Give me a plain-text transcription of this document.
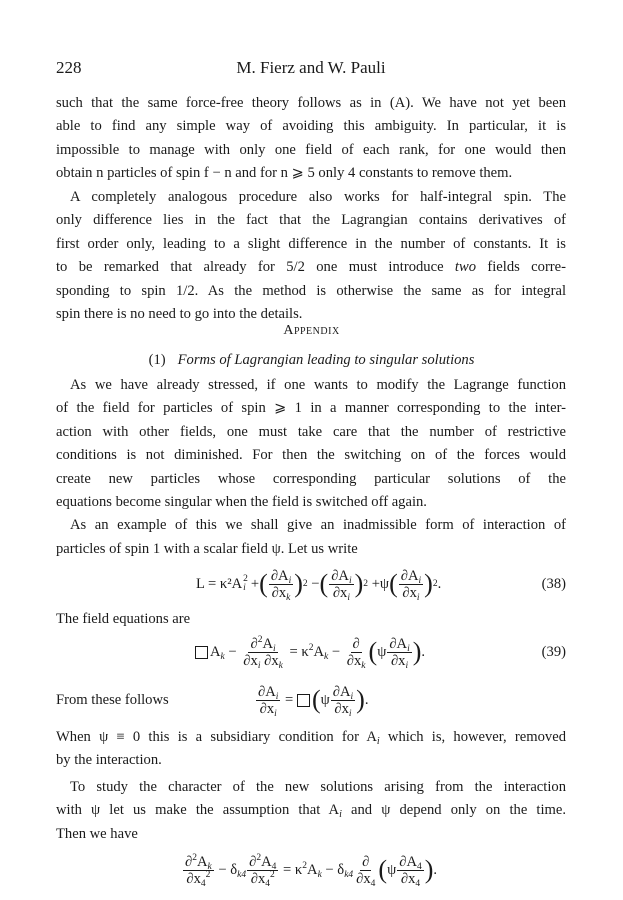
228	M. Fierz and W. Pauli
such that the same force-free theory follows as in (A). We have not yet been
able to find any simple way of avoiding this ambiguity. In particular, it is
impossible to manage with only one field of each rank, for one would then
obtain n particles of spin f − n and for n ⩾ 5 only 4 constants to remove them.
A completely analogous procedure also works for half-integral spin. The
only difference lies in the fact that the Lagrangian contains derivatives of
first order only, leading to a slight difference in the number of constants. It is
to be remarked that already for 5/2 one must introduce two fields corre-
sponding to spin 1/2. As the method is otherwise the same as for integral
spin there is no need to go into the details.
Appendix
(1) Forms of Lagrangian leading to singular solutions
As we have already stressed, if one wants to modify the Lagrange function
of the field for particles of spin ⩾ 1 in a manner corresponding to the inter-
action with other fields, one must take care that the number of restrictive
conditions is not diminished. For then the switching on of the forces would
create new particles whose corresponding particular solutions of the
equations become singular when the field is switched off again.
As an example of this we shall give an inadmissible form of interaction of
particles of spin 1 with a scalar field ψ. Let us write
L = κ²A 2
i + ( $\frac{\partial A_i}{\partial x_k}$ ) 2 − ( $\frac{\partial A_i}{\partial x_i}$ ) 2 +ψ ( $\frac{\partial A_i}{\partial x_i}$ ) 2 .	(38)
The field equations are
$A_k - \frac{\partial^2A_i}{\partial x_i \partial x_k} = \kappa^2A_k - \frac{\partial}{\partial x_k}$ ( ψ $\frac{\partial A_i}{\partial x_i}$ ) .	(39)
From these follows	$\frac{\partial A_i}{\partial x_i}$ = ( ψ $\frac{\partial A_i}{\partial x_i}$ ) .
When ψ ≡ 0 this is a subsidiary condition for $A_i$ which is, however, removed
by the interaction.
To study the character of the new solutions arising from the interaction
with ψ let us make the assumption that $A_i$ and ψ depend only on the time.
Then we have
$\frac{\partial^2A_k}{\partial x_4^2} - \delta_{k4} \frac{\partial^2A_4}{\partial x_4^2} = \kappa^2A_k - \delta_{k4} \frac{\partial}{\partial x_4}$ ( ψ $\frac{\partial A_4}{\partial x_4}$ ) .
